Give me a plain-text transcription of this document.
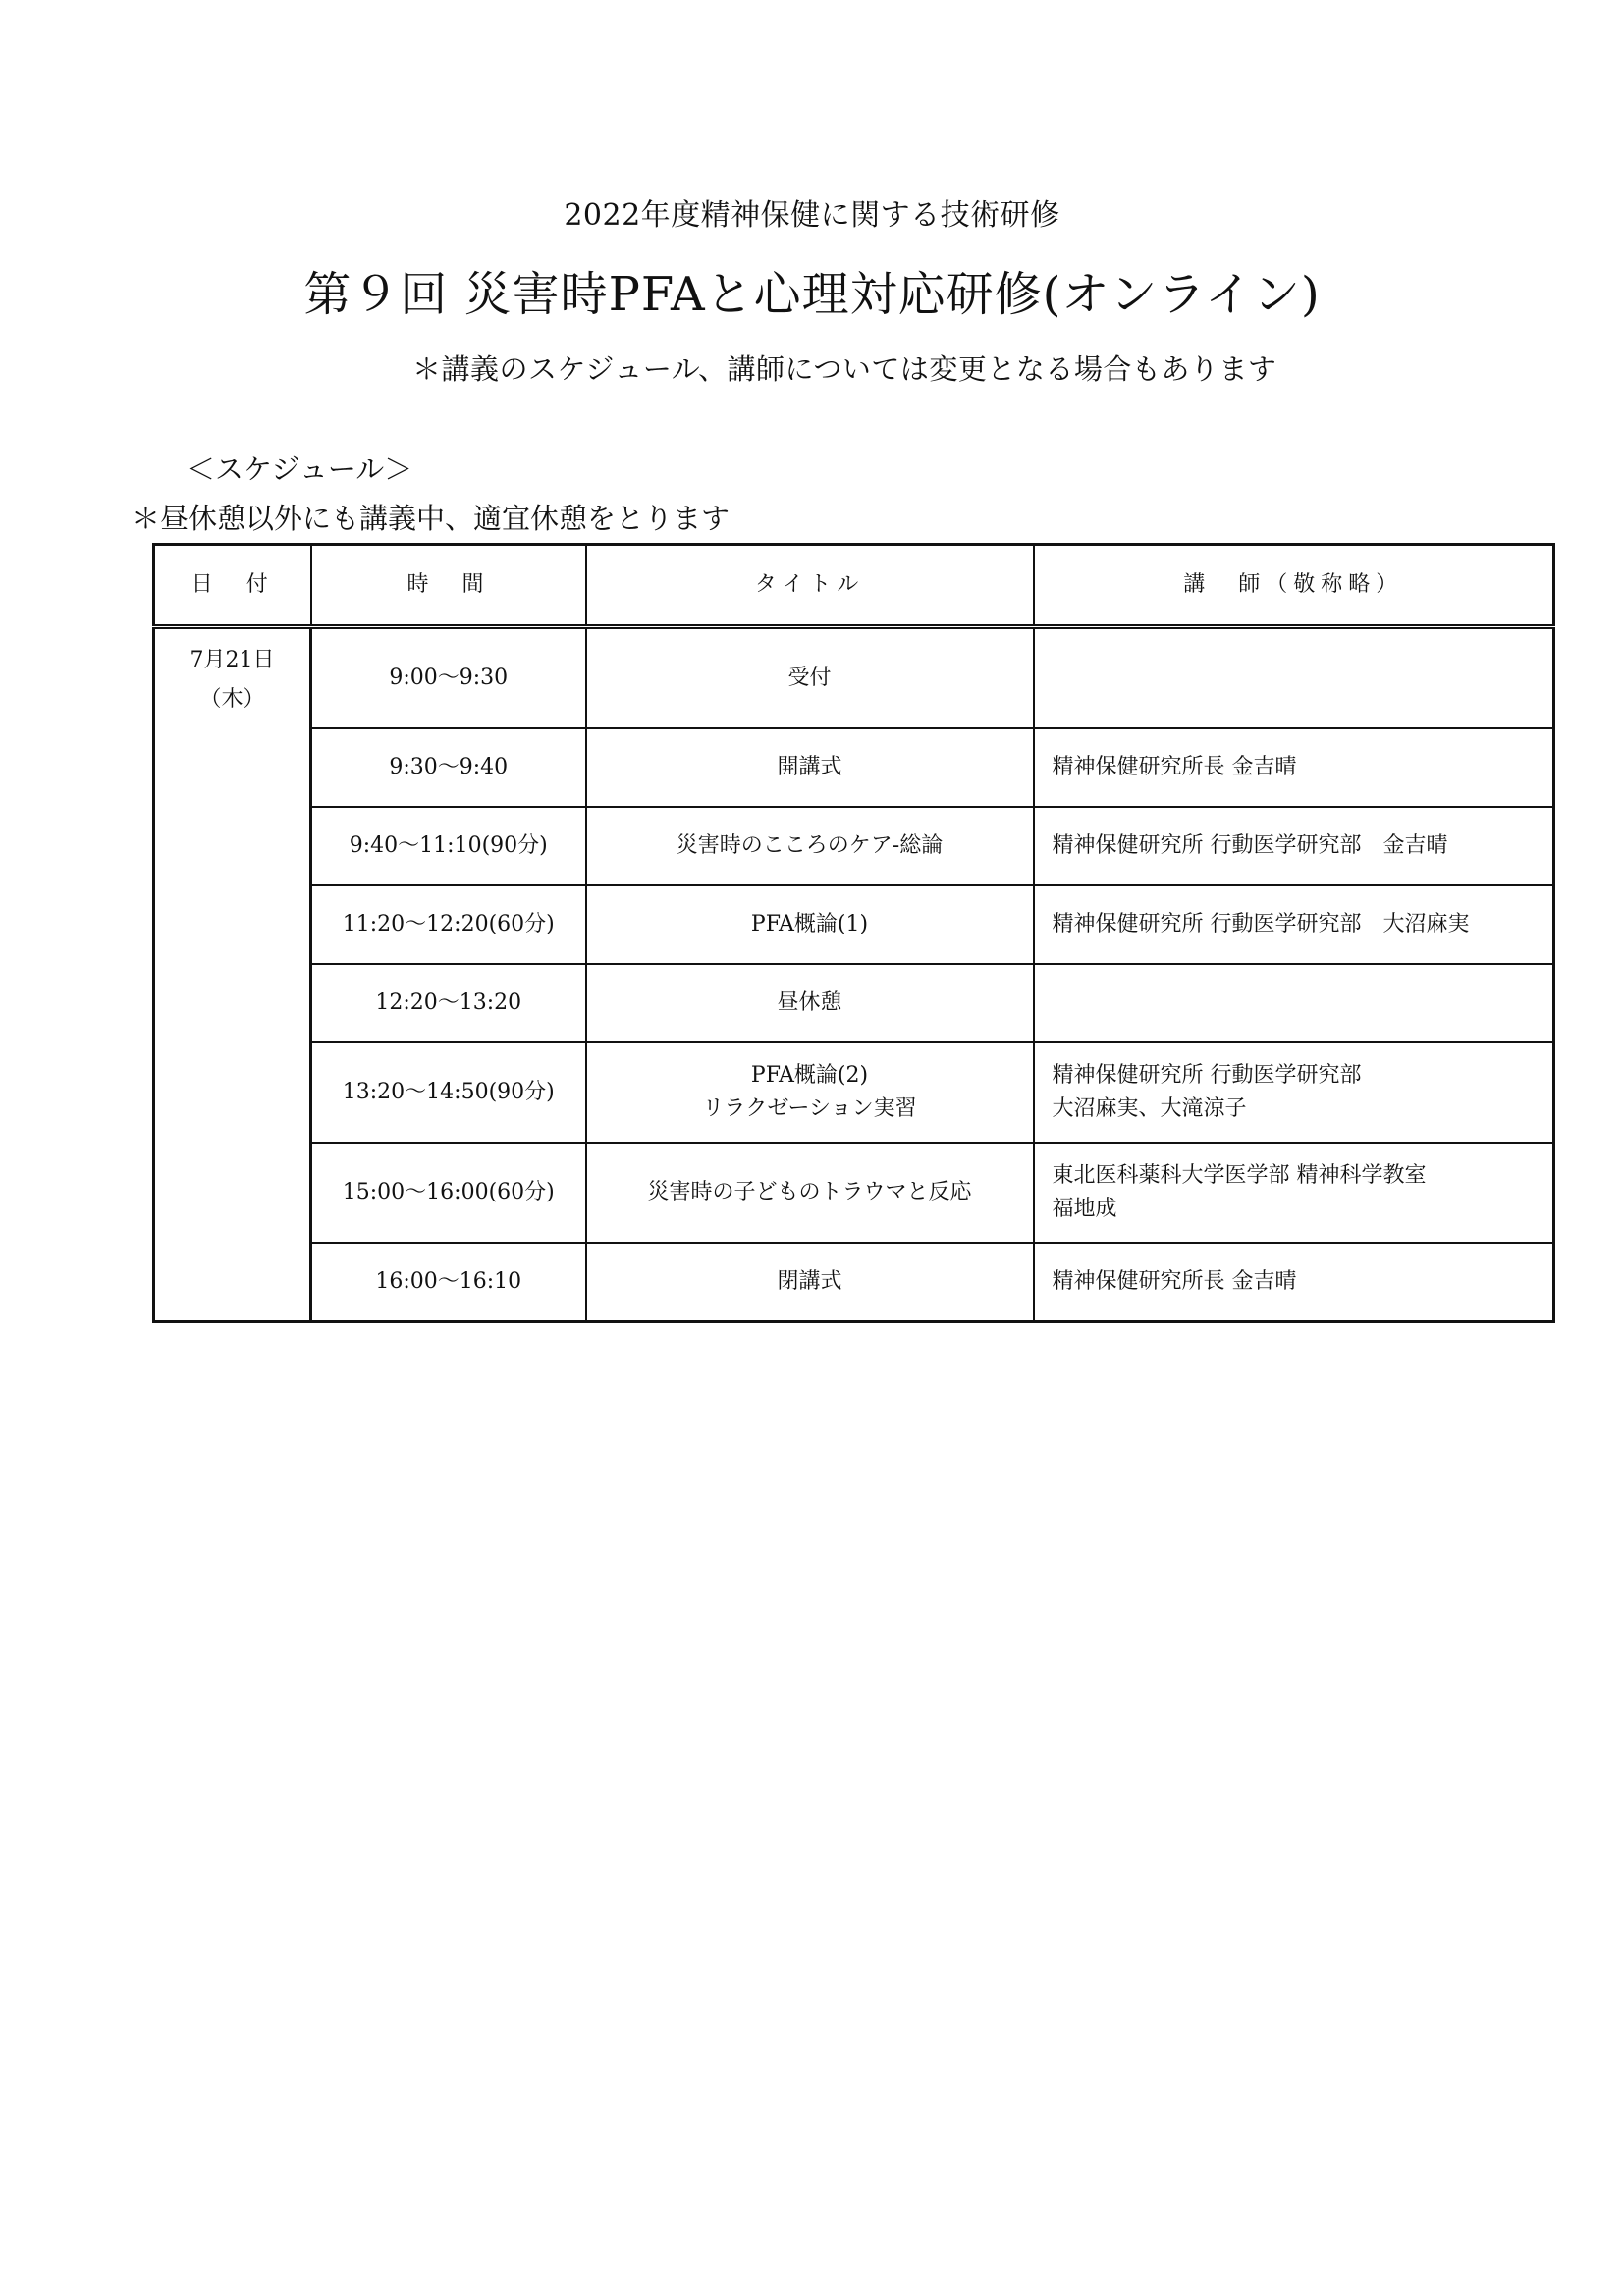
2022年度精神保健に関する技術研修
第９回 災害時PFAと心理対応研修(オンライン)
＊講義のスケジュール、講師については変更となる場合もあります
＜スケジュール＞
＊昼休憩以外にも講義中、適宜休憩をとります
日　付	時　間	タイトル	講　師（敬称略）

7月21日
（木）	9:00～9:30	受付	
	9:30～9:40	開講式	精神保健研究所長 金吉晴
	9:40～11:10(90分)	災害時のこころのケア-総論	精神保健研究所 行動医学研究部　金吉晴
	11:20～12:20(60分)	PFA概論(1)	精神保健研究所 行動医学研究部　大沼麻実
	12:20～13:20	昼休憩	
	13:20～14:50(90分)	PFA概論(2)
リラクゼーション実習	精神保健研究所 行動医学研究部
大沼麻実、大滝涼子

	15:00～16:00(60分)	災害時の子どものトラウマと反応	東北医科薬科大学医学部 精神科学教室
福地成

	16:00～16:10	閉講式	精神保健研究所長 金吉晴
